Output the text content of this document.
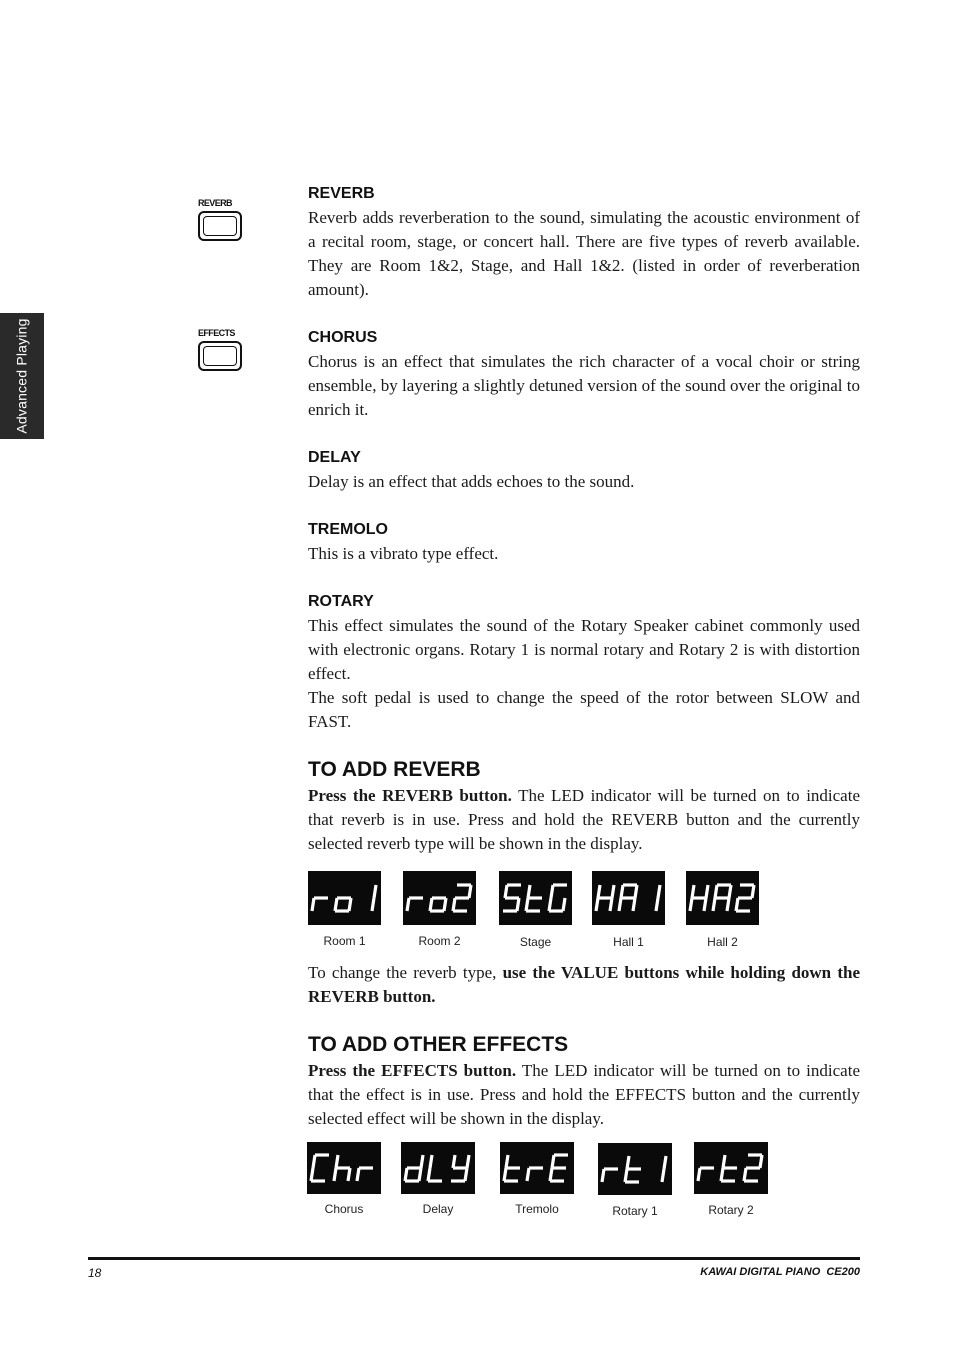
Advanced Playing
REVERB
EFFECTS

REVERB

Reverb adds reverberation to the sound, simulating the acoustic environment of a recital room, stage, or concert hall. There are five types of reverb available. They are Room 1&2, Stage, and Hall 1&2. (listed in order of reverberation amount).

CHORUS

Chorus is an effect that simulates the rich character of a vocal choir or string ensemble, by layering a slightly detuned version of the sound over the original to enrich it.

DELAY

Delay is an effect that adds echoes to the sound.

TREMOLO

This is a vibrato type effect.

ROTARY

This effect simulates the sound of the Rotary Speaker cabinet commonly used with electronic organs. Rotary 1 is normal rotary and Rotary 2 is with distortion effect.

The soft pedal is used to change the speed of the rotor between SLOW and FAST.

TO ADD REVERB

Press the REVERB button. The LED indicator will be turned on to indicate that reverb is in use. Press and hold the REVERB button and the currently selected reverb type will be shown in the display.

Room 1	Room 2	Stage	Hall 1	Hall 2

To change the reverb type, use the VALUE buttons while holding down the REVERB button.

TO ADD OTHER EFFECTS

Press the EFFECTS button. The LED indicator will be turned on to indicate that the effect is in use. Press and hold the EFFECTS button and the currently selected effect will be shown in the display.

Chorus	Delay	Tremolo	Rotary 1	Rotary 2
18	KAWAI DIGITAL PIANO  CE200
